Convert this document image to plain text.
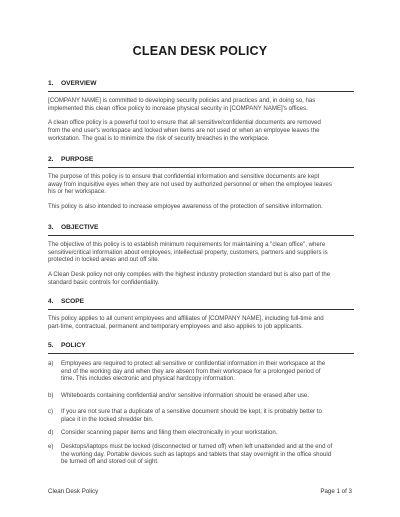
CLEAN DESK POLICY
1. OVERVIEW

[COMPANY NAME] is committed to developing security policies and practices and, in doing so, has
implemented this clean office policy to increase physical security in [COMPANY NAME]'s offices.

A clean office policy is a powerful tool to ensure that all sensitive/confidential documents are removed
from the end user's workspace and locked when items are not used or when an employee leaves the
workstation. The goal is to minimize the risk of security breaches in the workplace.

2. PURPOSE

The purpose of this policy is to ensure that confidential information and sensitive documents are kept
away from inquisitive eyes when they are not used by authorized personnel or when the employee leaves
his or her workspace.

This policy is also intended to increase employee awareness of the protection of sensitive information.

3. OBJECTIVE

The objective of this policy is to establish minimum requirements for maintaining a "clean office", where
sensitive/critical information about employees, intellectual property, customers, partners and suppliers is
protected in locked areas and out off site.

A Clean Desk policy not only complies with the highest industry protection standard but is also part of the
standard basic controls for confidentiality.

4. SCOPE

This policy applies to all current employees and affiliates of [COMPANY NAME], including full-time and
part-time, contractual, permanent and temporary employees and also applies to job applicants.

5. POLICY
a) Employees are required to protect all sensitive or confidential information in their workspace at the
end of the working day and when they are absent from their workspace for a prolonged period of
time. This includes electronic and physical hardcopy information.
b) Whiteboards containing confidential and/or sensitive information should be erased after use.
c) If you are not sure that a duplicate of a sensitive document should be kept, it is probably better to
place it in the locked shredder bin.
d) Consider scanning paper items and filing them electronically in your workstation.
e) Desktops/laptops must be locked (disconnected or turned off) when left unattended and at the end of
the working day. Portable devices such as laptops and tablets that stay overnight in the office should
be turned off and stored out of sight.
Clean Desk Policy	Page 1 of 3
